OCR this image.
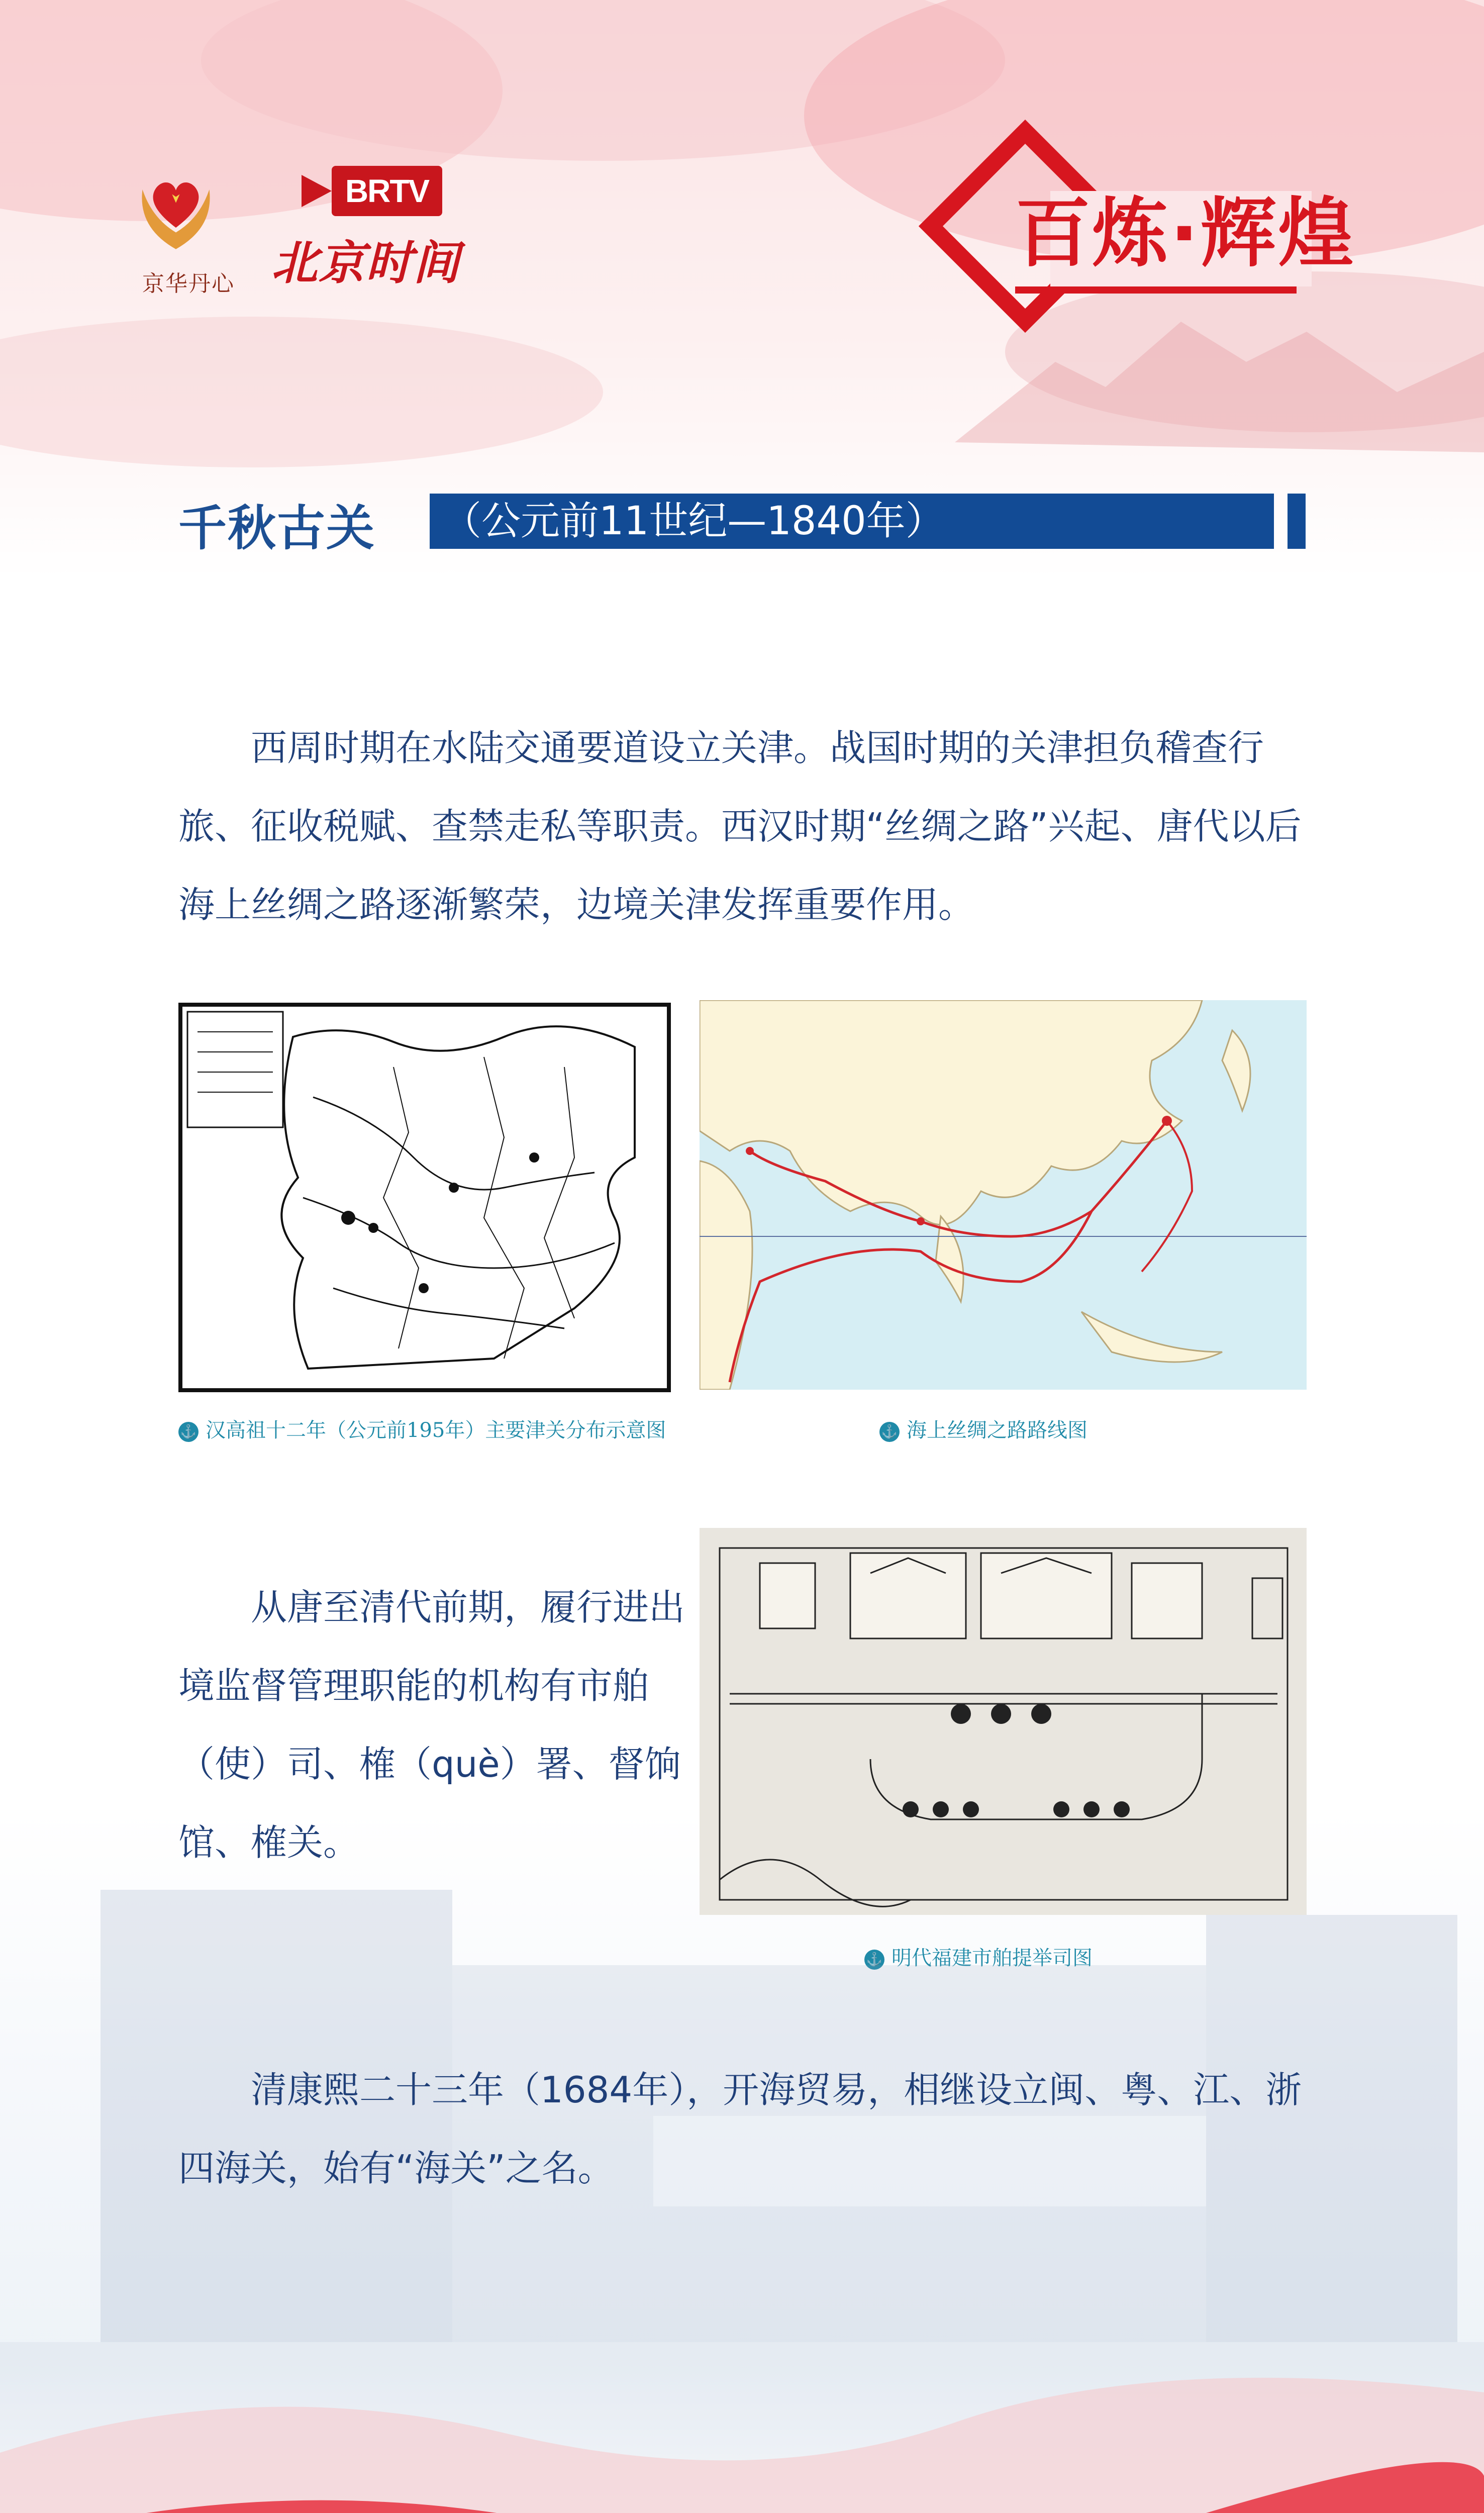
京华丹心
BRTV
北京时间	百炼·辉煌
千秋古关 （公元前11世纪—1840年）

西周时期在水陆交通要道设立关津。战国时期的关津担负稽查行旅、征收税赋、查禁走私等职责。西汉时期“丝绸之路”兴起、唐代以后海上丝绸之路逐渐繁荣，边境关津发挥重要作用。

⚓ 汉高祖十二年（公元前195年）主要津关分布示意图	⚓ 海上丝绸之路路线图

从唐至清代前期，履行进出境监督管理职能的机构有市舶（使）司、榷（què）署、督饷馆、榷关。

⚓ 明代福建市舶提举司图

清康熙二十三年（1684年），开海贸易，相继设立闽、粤、江、浙四海关，始有“海关”之名。
